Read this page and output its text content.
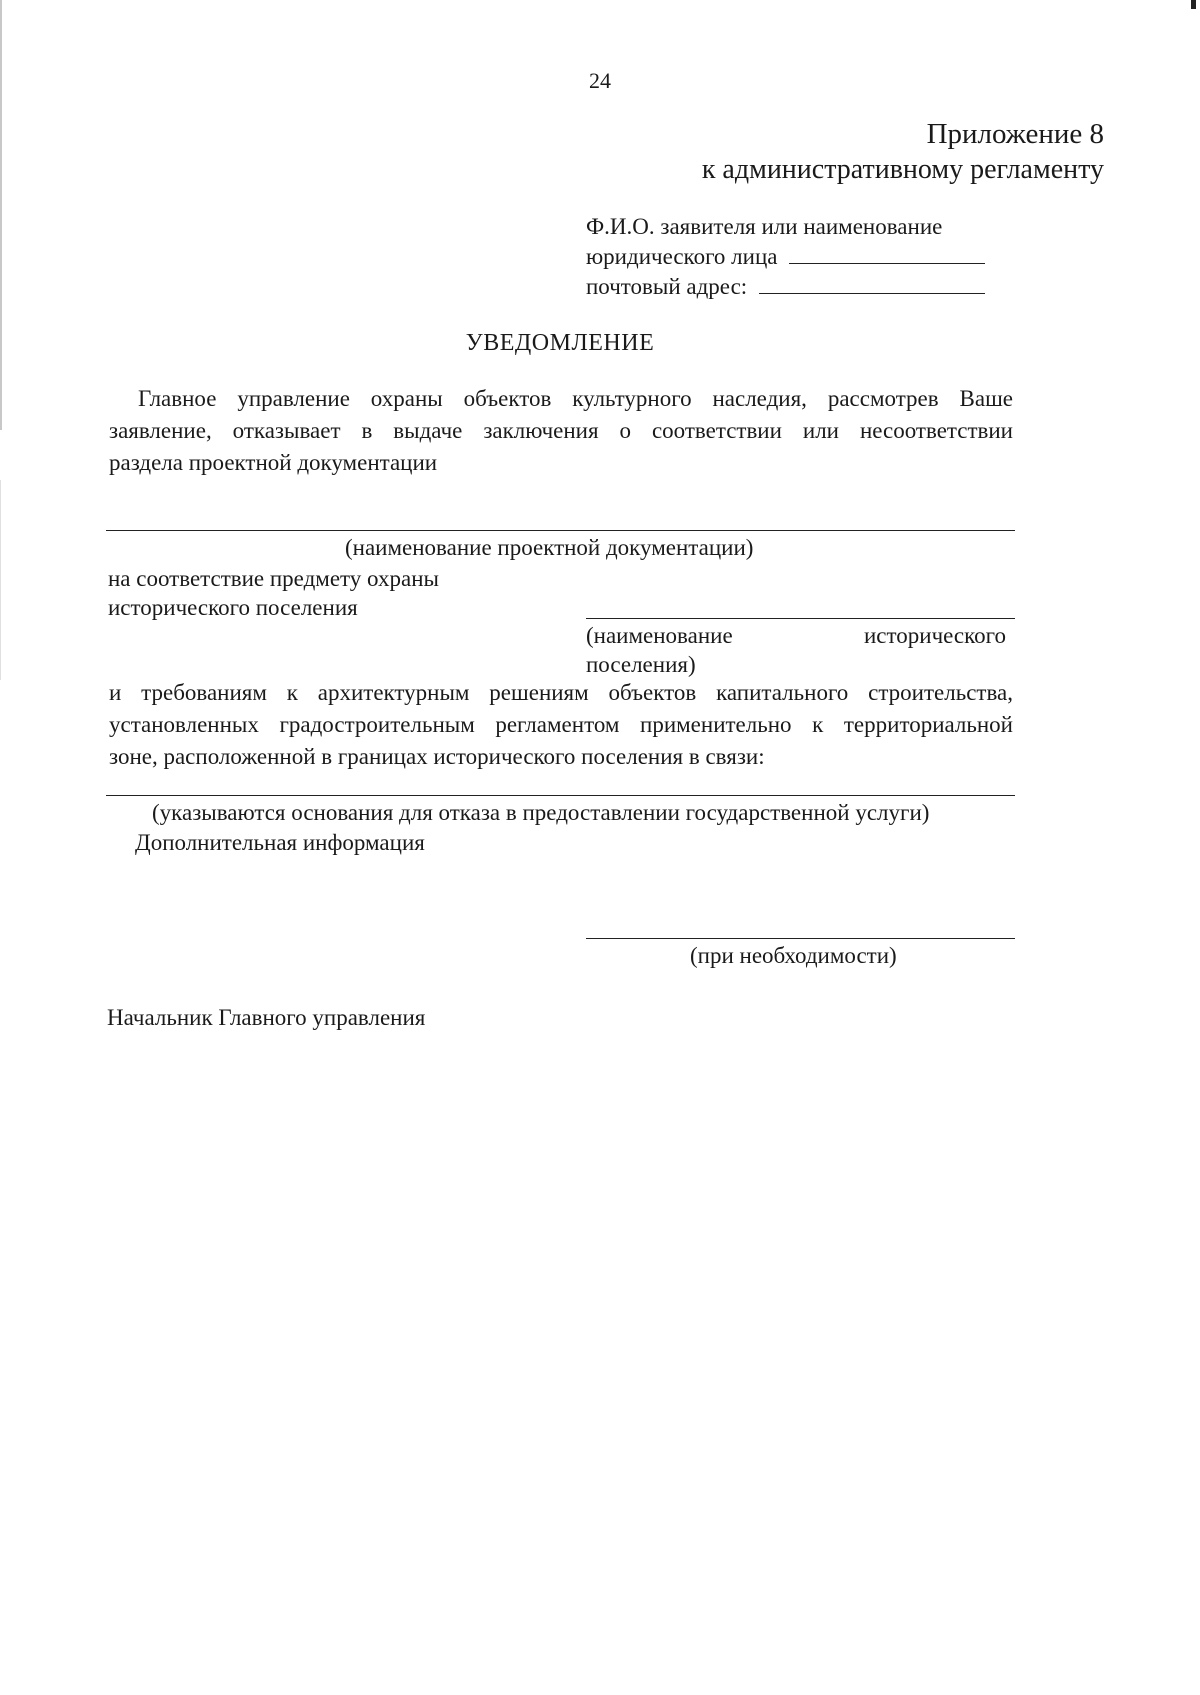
24
Приложение 8
к административному регламенту
Ф.И.О. заявителя или наименование
юридического лица
почтовый адрес:
УВЕДОМЛЕНИЕ
Главное управление охраны объектов культурного наследия, рассмотрев Ваше
заявление, отказывает в выдаче заключения о соответствии или несоответствии
раздела проектной документации
(наименование проектной документации)
на соответствие предмету охраны
исторического поселения
(наименование	исторического
поселения)
и требованиям к архитектурным решениям объектов капитального строительства,
установленных градостроительным регламентом применительно к территориальной
зоне, расположенной в границах исторического поселения в связи:
(указываются основания для отказа в предоставлении государственной услуги)
Дополнительная информация
(при необходимости)
Начальник Главного управления
